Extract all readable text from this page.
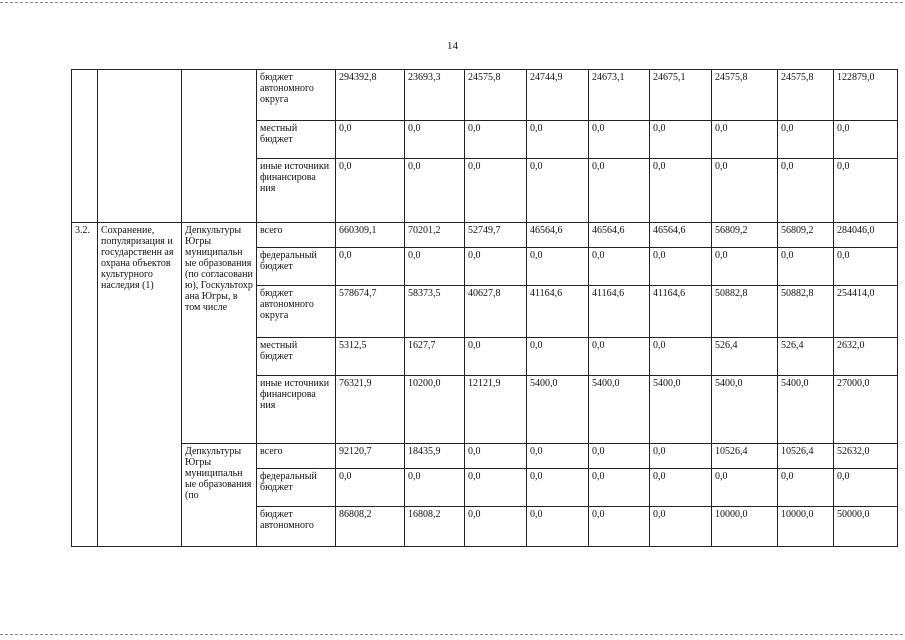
14
			бюджет автономного округа	294392,8	23693,3	24575,8	24744,9	24673,1	24675,1	24575,8	24575,8	122879,0
			местный бюджет	0,0	0,0	0,0	0,0	0,0	0,0	0,0	0,0	0,0
			иные источники финансирова ния	0,0	0,0	0,0	0,0	0,0	0,0	0,0	0,0	0,0
3.2.	Сохранение, популяризация и государственн ая охрана объектов культурного наследия (1)	Депкультуры Югры муниципальн ые образования (по согласовани ю), Госкультохр ана Югры, в том числе	всего	660309,1	70201,2	52749,7	46564,6	46564,6	46564,6	56809,2	56809,2	284046,0
			федеральный бюджет	0,0	0,0	0,0	0,0	0,0	0,0	0,0	0,0	0,0
			бюджет автономного округа	578674,7	58373,5	40627,8	41164,6	41164,6	41164,6	50882,8	50882,8	254414,0
			местный бюджет	5312,5	1627,7	0,0	0,0	0,0	0,0	526,4	526,4	2632,0
			иные источники финансирова ния	76321,9	10200,0	12121,9	5400,0	5400,0	5400,0	5400,0	5400,0	27000,0
		Депкультуры Югры муниципальн ые образования (по	всего	92120,7	18435,9	0,0	0,0	0,0	0,0	10526,4	10526,4	52632,0
			федеральный бюджет	0,0	0,0	0,0	0,0	0,0	0,0	0,0	0,0	0,0
			бюджет автономного	86808,2	16808,2	0,0	0,0	0,0	0,0	10000,0	10000,0	50000,0
